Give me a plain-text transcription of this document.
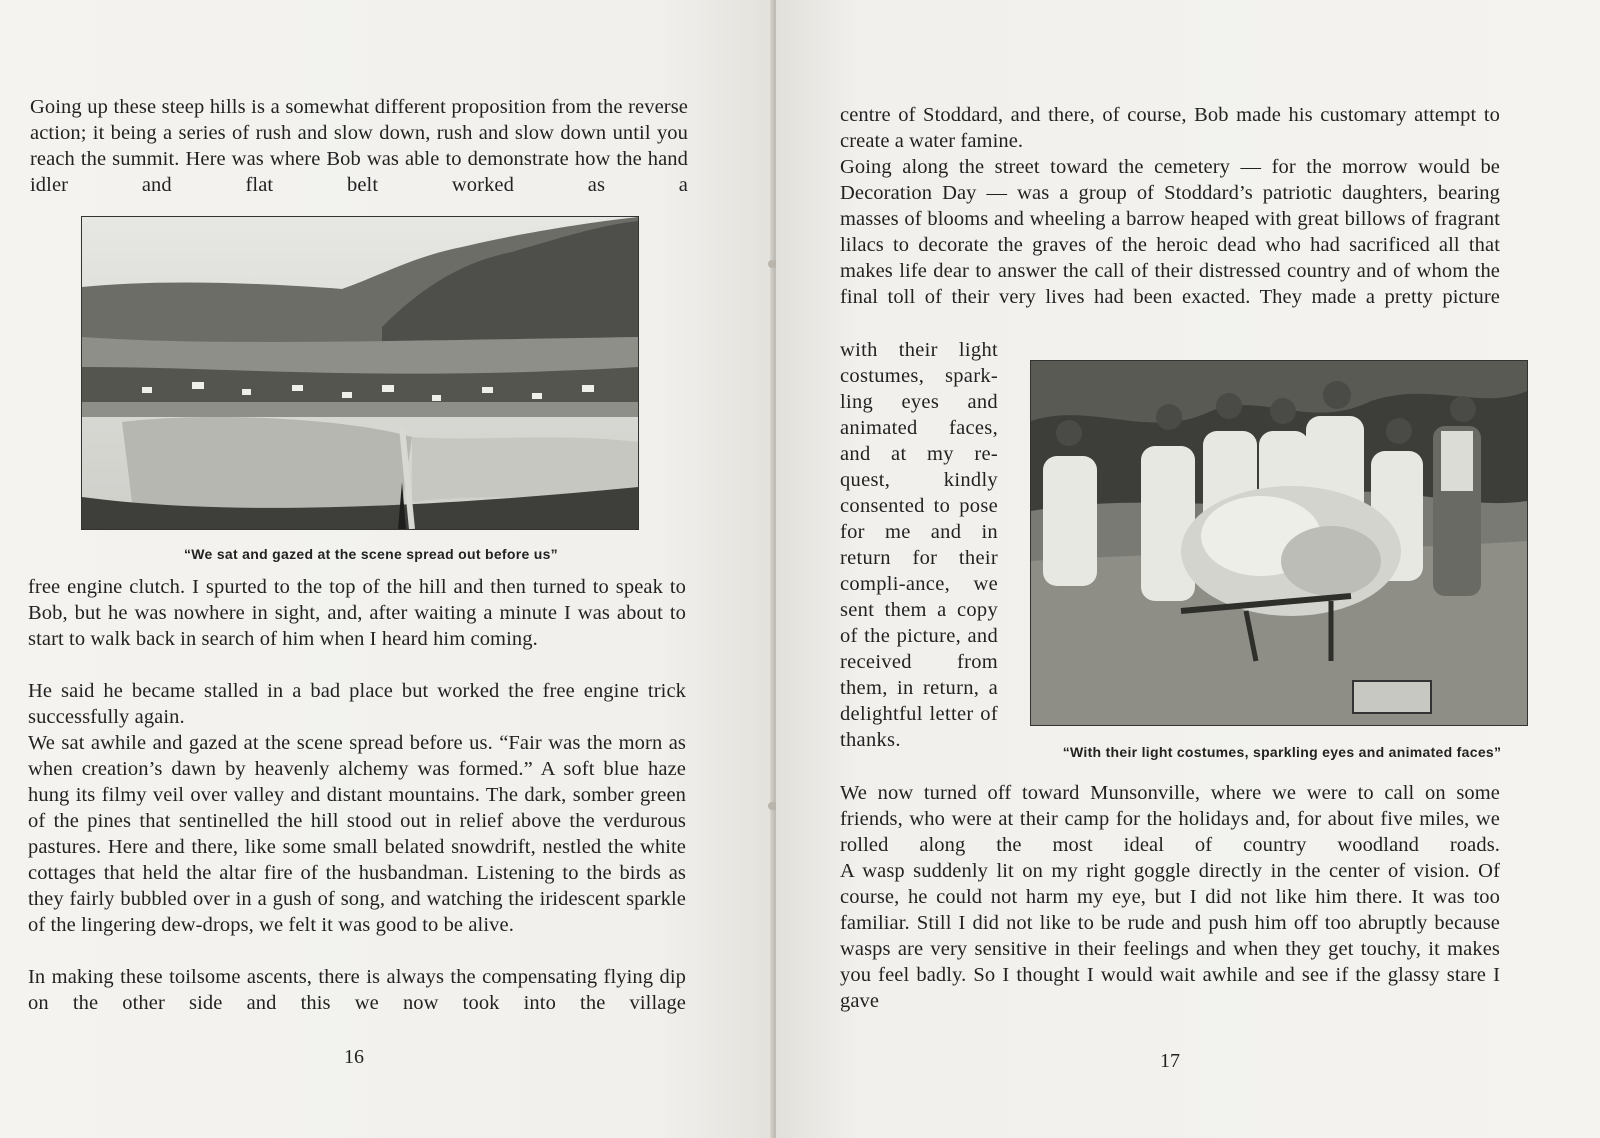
Going up these steep hills is a somewhat different proposition from the reverse action; it being a series of rush and slow down, rush and slow down until you reach the summit. Here was where Bob was able to demonstrate how the hand idler and flat belt worked as a

“We sat and gazed at the scene spread out before us”

free engine clutch. I spurted to the top of the hill and then turned to speak to Bob, but he was nowhere in sight, and, after waiting a minute I was about to start to walk back in search of him when I heard him coming.

He said he became stalled in a bad place but worked the free engine trick successfully again.

We sat awhile and gazed at the scene spread before us. “Fair was the morn as when creation’s dawn by heavenly alchemy was formed.” A soft blue haze hung its filmy veil over valley and distant mountains. The dark, somber green of the pines that sentinelled the hill stood out in relief above the verdurous pastures. Here and there, like some small belated snowdrift, nestled the white cottages that held the altar fire of the husbandman. Listening to the birds as they fairly bubbled over in a gush of song, and watching the iridescent sparkle of the lingering dew-drops, we felt it was good to be alive.

In making these toilsome ascents, there is always the compensating flying dip on the other side and this we now took into the village

16

centre of Stoddard, and there, of course, Bob made his customary attempt to create a water famine.

Going along the street toward the cemetery — for the morrow would be Decoration Day — was a group of Stoddard’s patriotic daughters, bearing masses of blooms and wheeling a barrow heaped with great billows of fragrant lilacs to decorate the graves of the heroic dead who had sacrificed all that makes life dear to answer the call of their distressed country and of whom the final toll of their very lives had been exacted. They made a pretty picture

with their light costumes, spark-ling eyes and animated faces, and at my re-quest, kindly consented to pose for me and in return for their compli-ance, we sent them a copy of the picture, and received from them, in return, a delightful letter of thanks.

“With their light costumes, sparkling eyes and animated faces”

We now turned off toward Munsonville, where we were to call on some friends, who were at their camp for the holidays and, for about five miles, we rolled along the most ideal of country woodland roads.

A wasp suddenly lit on my right goggle directly in the center of vision. Of course, he could not harm my eye, but I did not like him there. It was too familiar. Still I did not like to be rude and push him off too abruptly because wasps are very sensitive in their feelings and when they get touchy, it makes you feel badly. So I thought I would wait awhile and see if the glassy stare I gave

17
